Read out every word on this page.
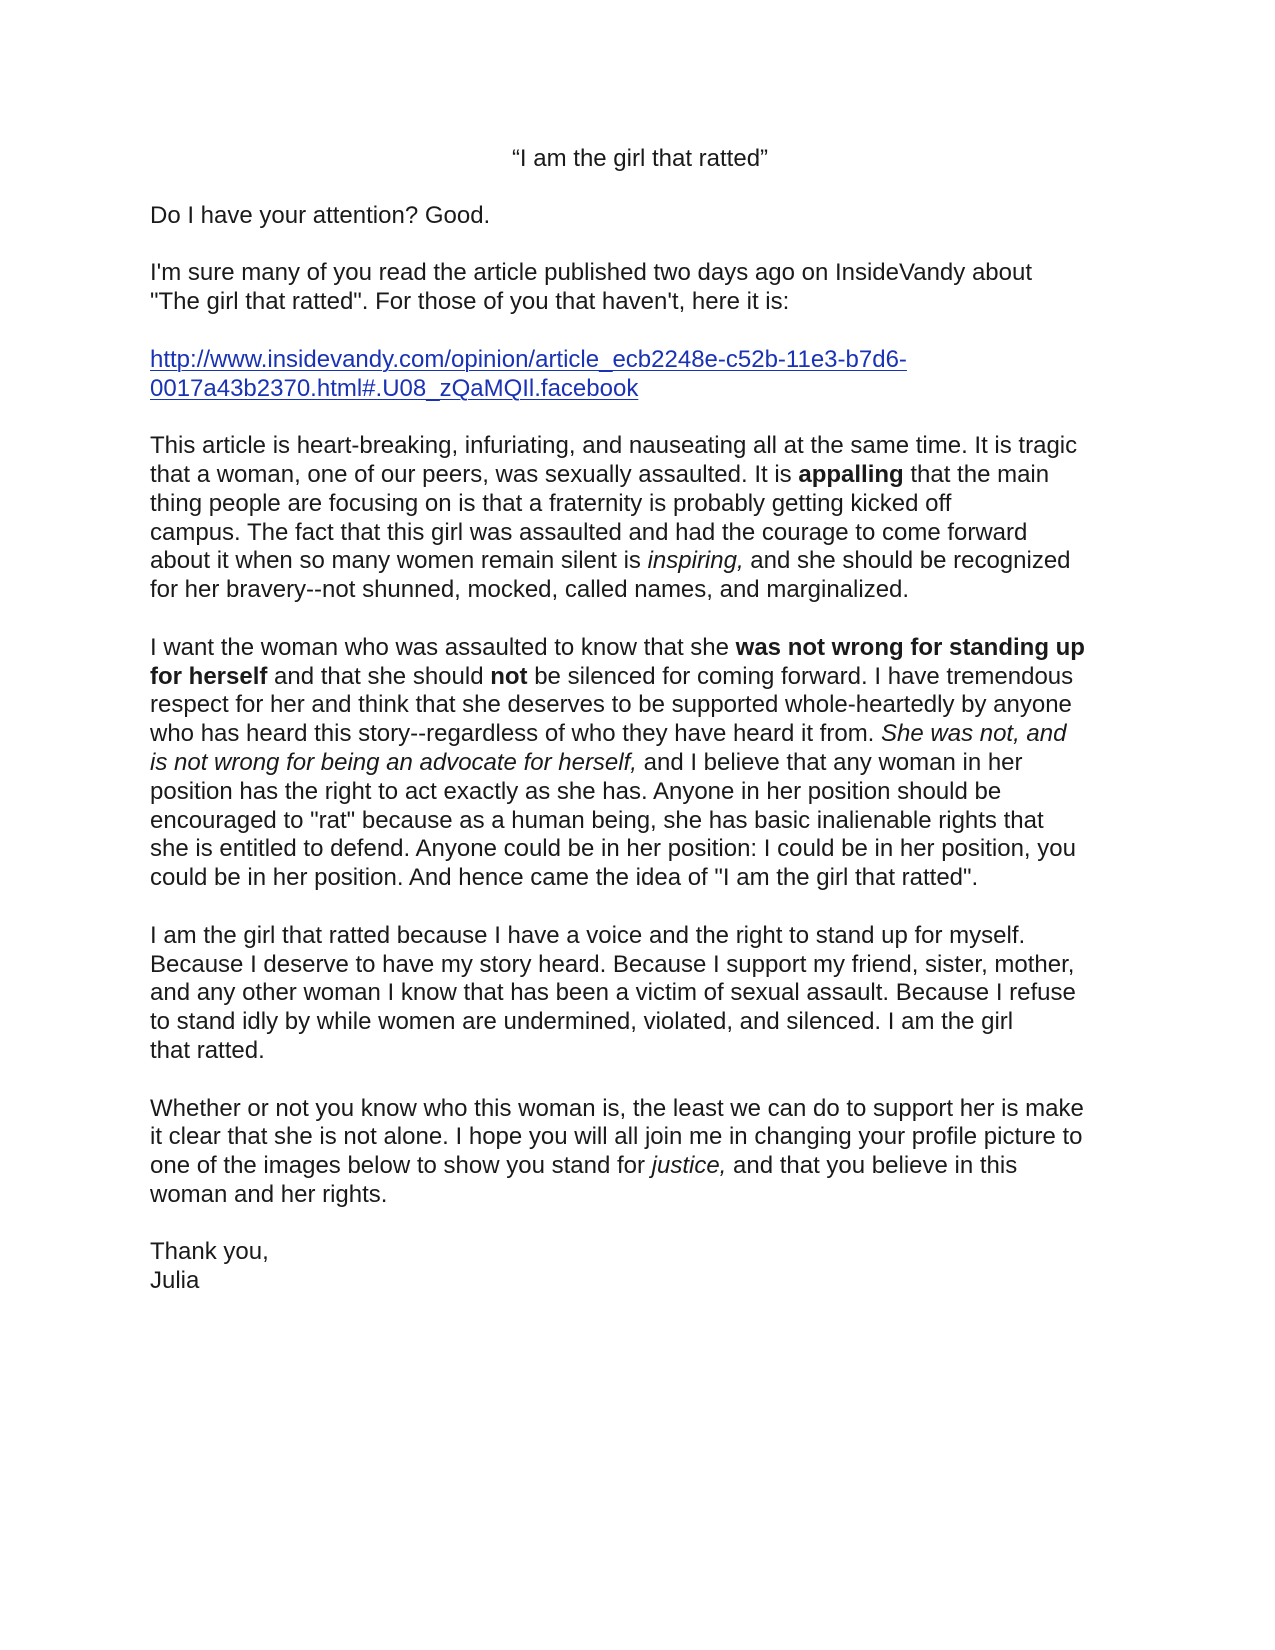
“I am the girl that ratted”

Do I have your attention? Good.

I'm sure many of you read the article published two days ago on InsideVandy about
"The girl that ratted". For those of you that haven't, here it is:

http://www.insidevandy.com/opinion/article_ecb2248e-c52b-11e3-b7d6-
0017a43b2370.html#.U08_zQaMQIl.facebook

This article is heart-breaking, infuriating, and nauseating all at the same time. It is tragic
that a woman, one of our peers, was sexually assaulted. It is appalling that the main
thing people are focusing on is that a fraternity is probably getting kicked off
campus. The fact that this girl was assaulted and had the courage to come forward
about it when so many women remain silent is inspiring, and she should be recognized
for her bravery--not shunned, mocked, called names, and marginalized.

I want the woman who was assaulted to know that she was not wrong for standing up
for herself and that she should not be silenced for coming forward. I have tremendous
respect for her and think that she deserves to be supported whole-heartedly by anyone
who has heard this story--regardless of who they have heard it from. She was not, and
is not wrong for being an advocate for herself, and I believe that any woman in her
position has the right to act exactly as she has. Anyone in her position should be
encouraged to "rat" because as a human being, she has basic inalienable rights that
she is entitled to defend. Anyone could be in her position: I could be in her position, you
could be in her position. And hence came the idea of "I am the girl that ratted".

I am the girl that ratted because I have a voice and the right to stand up for myself.
Because I deserve to have my story heard. Because I support my friend, sister, mother,
and any other woman I know that has been a victim of sexual assault. Because I refuse
to stand idly by while women are undermined, violated, and silenced. I am the girl
that ratted.

Whether or not you know who this woman is, the least we can do to support her is make
it clear that she is not alone. I hope you will all join me in changing your profile picture to
one of the images below to show you stand for justice, and that you believe in this
woman and her rights.

Thank you,
Julia
